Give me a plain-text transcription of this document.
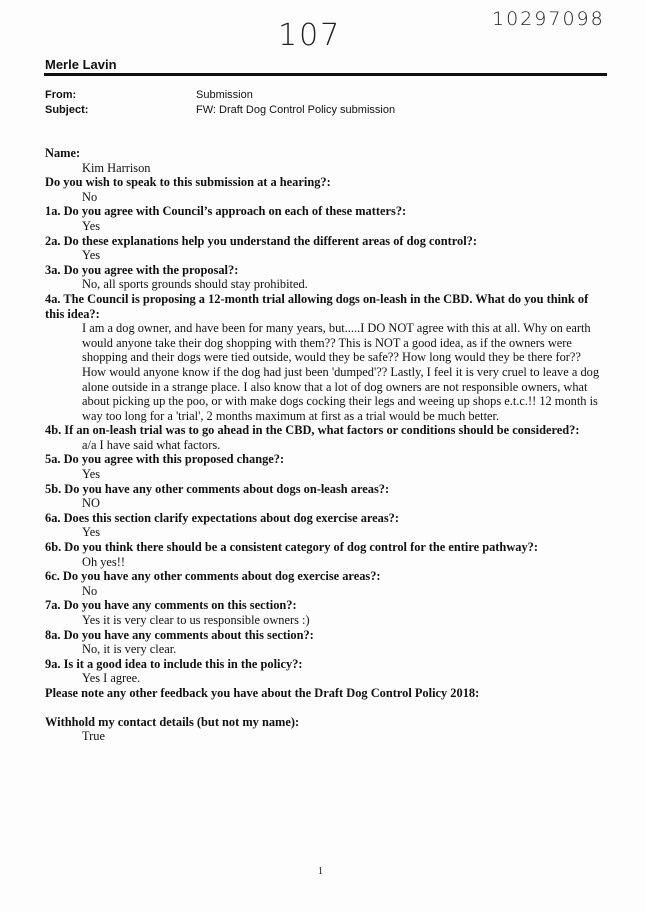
107	10297098
Merle Lavin
From:	Submission
Subject:	FW: Draft Dog Control Policy submission
Name:
Kim Harrison
Do you wish to speak to this submission at a hearing?:
No
1a. Do you agree with Council’s approach on each of these matters?:
Yes
2a. Do these explanations help you understand the different areas of dog control?:
Yes
3a. Do you agree with the proposal?:
No, all sports grounds should stay prohibited.
4a. The Council is proposing a 12-month trial allowing dogs on-leash in the CBD. What do you think of this idea?:
I am a dog owner, and have been for many years, but.....I DO NOT agree with this at all. Why on earth would anyone take their dog shopping with them?? This is NOT a good idea, as if the owners were shopping and their dogs were tied outside, would they be safe?? How long would they be there for?? How would anyone know if the dog had just been 'dumped'?? Lastly, I feel it is very cruel to leave a dog alone outside in a strange place. I also know that a lot of dog owners are not responsible owners, what about picking up the poo, or with make dogs cocking their legs and weeing up shops e.t.c.!! 12 month is way too long for a 'trial', 2 months maximum at first as a trial would be much better.
4b. If an on-leash trial was to go ahead in the CBD, what factors or conditions should be considered?:
a/a I have said what factors.
5a. Do you agree with this proposed change?:
Yes
5b. Do you have any other comments about dogs on-leash areas?:
NO
6a. Does this section clarify expectations about dog exercise areas?:
Yes
6b. Do you think there should be a consistent category of dog control for the entire pathway?:
Oh yes!!
6c. Do you have any other comments about dog exercise areas?:
No
7a. Do you have any comments on this section?:
Yes it is very clear to us responsible owners :)
8a. Do you have any comments about this section?:
No, it is very clear.
9a. Is it a good idea to include this in the policy?:
Yes I agree.
Please note any other feedback you have about the Draft Dog Control Policy 2018:
Withhold my contact details (but not my name):
True
1
